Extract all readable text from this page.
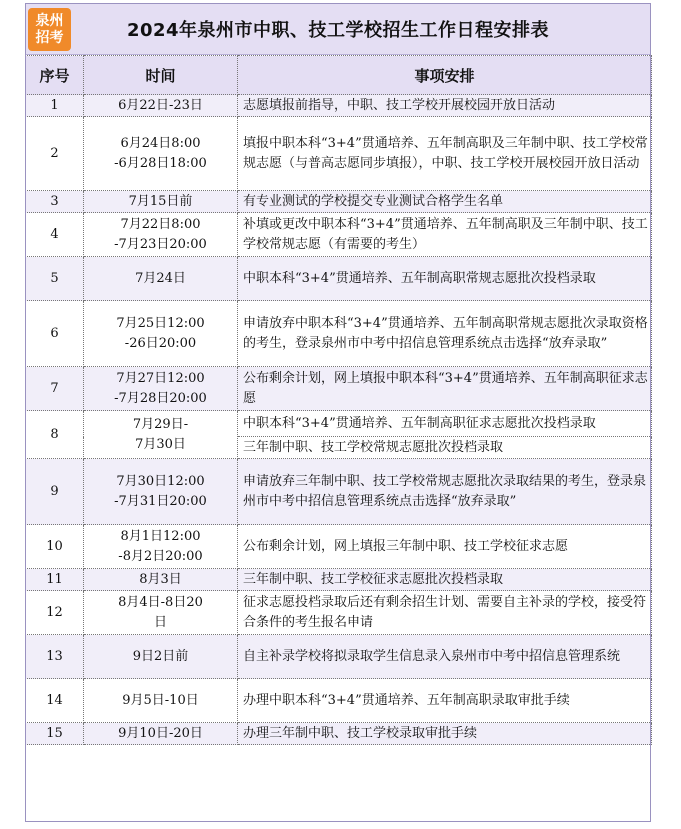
泉州
招考	2024年泉州市中职、技工学校招生工作日程安排表
序号	时间	事项安排
1	6月22日-23日	志愿填报前指导，中职、技工学校开展校园开放日活动
2	6月24日8:00
-6月28日18:00	填报中职本科“3+4”贯通培养、五年制高职及三年制中职、技工学校常规志愿（与普高志愿同步填报），中职、技工学校开展校园开放日活动
3	7月15日前	有专业测试的学校提交专业测试合格学生名单
4	7月22日8:00
-7月23日20:00	补填或更改中职本科“3+4”贯通培养、五年制高职及三年制中职、技工学校常规志愿（有需要的考生）
5	7月24日	中职本科“3+4”贯通培养、五年制高职常规志愿批次投档录取
6	7月25日12:00
-26日20:00	申请放弃中职本科“3+4”贯通培养、五年制高职常规志愿批次录取资格的考生，登录泉州市中考中招信息管理系统点击选择“放弃录取”
7	7月27日12:00
-7月28日20:00	公布剩余计划，网上填报中职本科“3+4”贯通培养、五年制高职征求志愿
8	7月29日-
7月30日	中职本科“3+4”贯通培养、五年制高职征求志愿批次投档录取
		三年制中职、技工学校常规志愿批次投档录取
9	7月30日12:00
-7月31日20:00	申请放弃三年制中职、技工学校常规志愿批次录取结果的考生，登录泉州市中考中招信息管理系统点击选择“放弃录取”
10	8月1日12:00
-8月2日20:00	公布剩余计划，网上填报三年制中职、技工学校征求志愿
11	8月3日	三年制中职、技工学校征求志愿批次投档录取
12	8月4日-8日20
日	征求志愿投档录取后还有剩余招生计划、需要自主补录的学校，接受符合条件的考生报名申请
13	9日2日前	自主补录学校将拟录取学生信息录入泉州市中考中招信息管理系统
14	9月5日-10日	办理中职本科“3+4”贯通培养、五年制高职录取审批手续
15	9月10日-20日	办理三年制中职、技工学校录取审批手续
